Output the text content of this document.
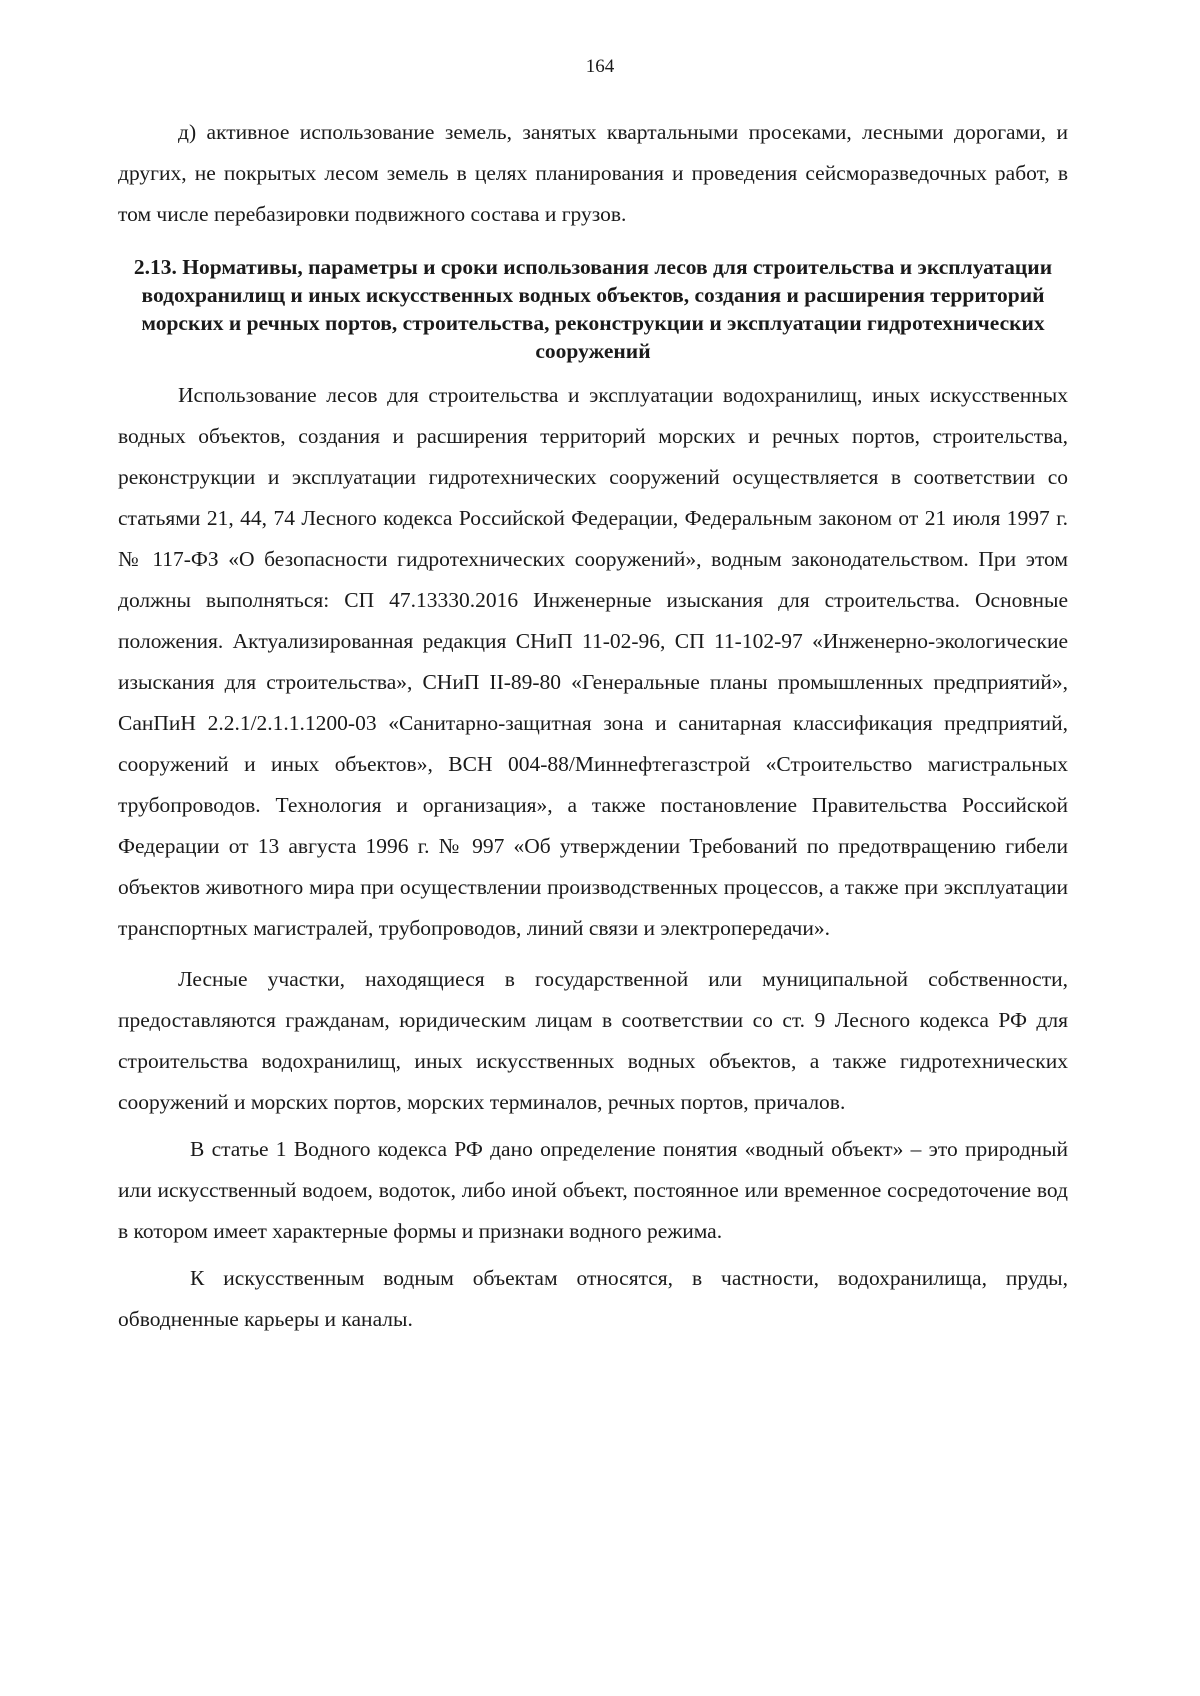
164

д) активное использование земель, занятых квартальными просеками, лесными дорогами, и других, не покрытых лесом земель в целях планирования и проведения сейсморазведочных работ, в том числе перебазировки подвижного состава и грузов.

2.13. Нормативы, параметры и сроки использования лесов для строительства и эксплуатации водохранилищ и иных искусственных водных объектов, создания и расширения территорий морских и речных портов, строительства, реконструкции и эксплуатации гидротехнических сооружений

Использование лесов для строительства и эксплуатации водохранилищ, иных искусственных водных объектов, создания и расширения территорий морских и речных портов, строительства, реконструкции и эксплуатации гидротехнических сооружений осуществляется в соответствии со статьями 21, 44, 74 Лесного кодекса Российской Федерации, Федеральным законом от 21 июля 1997 г. № 117-ФЗ «О безопасности гидротехнических сооружений», водным законодательством. При этом должны выполняться: СП 47.13330.2016 Инженерные изыскания для строительства. Основные положения. Актуализированная редакция СНиП 11-02-96, СП 11-102-97 «Инженерно-экологические изыскания для строительства», СНиП II-89-80 «Генеральные планы промышленных предприятий», СанПиН 2.2.1/2.1.1.1200-03 «Санитарно-защитная зона и санитарная классификация предприятий, сооружений и иных объектов», ВСН 004-88/Миннефтегазстрой «Строительство магистральных трубопроводов. Технология и организация», а также постановление Правительства Российской Федерации от 13 августа 1996 г. № 997 «Об утверждении Требований по предотвращению гибели объектов животного мира при осуществлении производственных процессов, а также при эксплуатации транспортных магистралей, трубопроводов, линий связи и электропередачи».

Лесные участки, находящиеся в государственной или муниципальной собственности, предоставляются гражданам, юридическим лицам в соответствии со ст. 9 Лесного кодекса РФ для строительства водохранилищ, иных искусственных водных объектов, а также гидротехнических сооружений и морских портов, морских терминалов, речных портов, причалов.

В статье 1 Водного кодекса РФ дано определение понятия «водный объект» – это природный или искусственный водоем, водоток, либо иной объект, постоянное или временное сосредоточение вод в котором имеет характерные формы и признаки водного режима.

К искусственным водным объектам относятся, в частности, водохранилища, пруды, обводненные карьеры и каналы.
